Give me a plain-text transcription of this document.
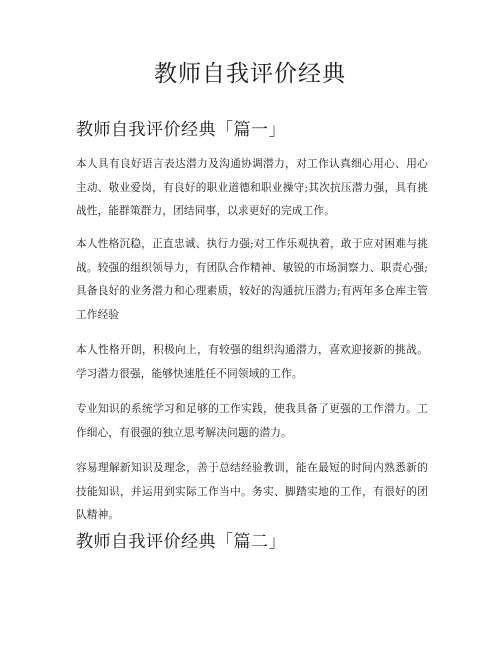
教师自我评价经典
教师自我评价经典「篇一」

本人具有良好语言表达潜力及沟通协调潜力，对工作认真细心用心、用心主动、敬业爱岗，有良好的职业道德和职业操守;其次抗压潜力强，具有挑战性，能群策群力，团结同事，以求更好的完成工作。

本人性格沉稳，正直忠诚、执行力强;对工作乐观执着，敢于应对困难与挑战。较强的组织领导力，有团队合作精神、敏锐的市场洞察力、职责心强;具备良好的业务潜力和心理素质，较好的沟通抗压潜力;有两年多仓库主管工作经验

本人性格开朗，积极向上，有较强的组织沟通潜力，喜欢迎接新的挑战。学习潜力很强，能够快速胜任不同领域的工作。

专业知识的系统学习和足够的工作实践，使我具备了更强的工作潜力。工作细心，有很强的独立思考解决问题的潜力。

容易理解新知识及理念，善于总结经验教训，能在最短的时间内熟悉新的技能知识，并运用到实际工作当中。务实、脚踏实地的工作，有很好的团队精神。

教师自我评价经典「篇二」
